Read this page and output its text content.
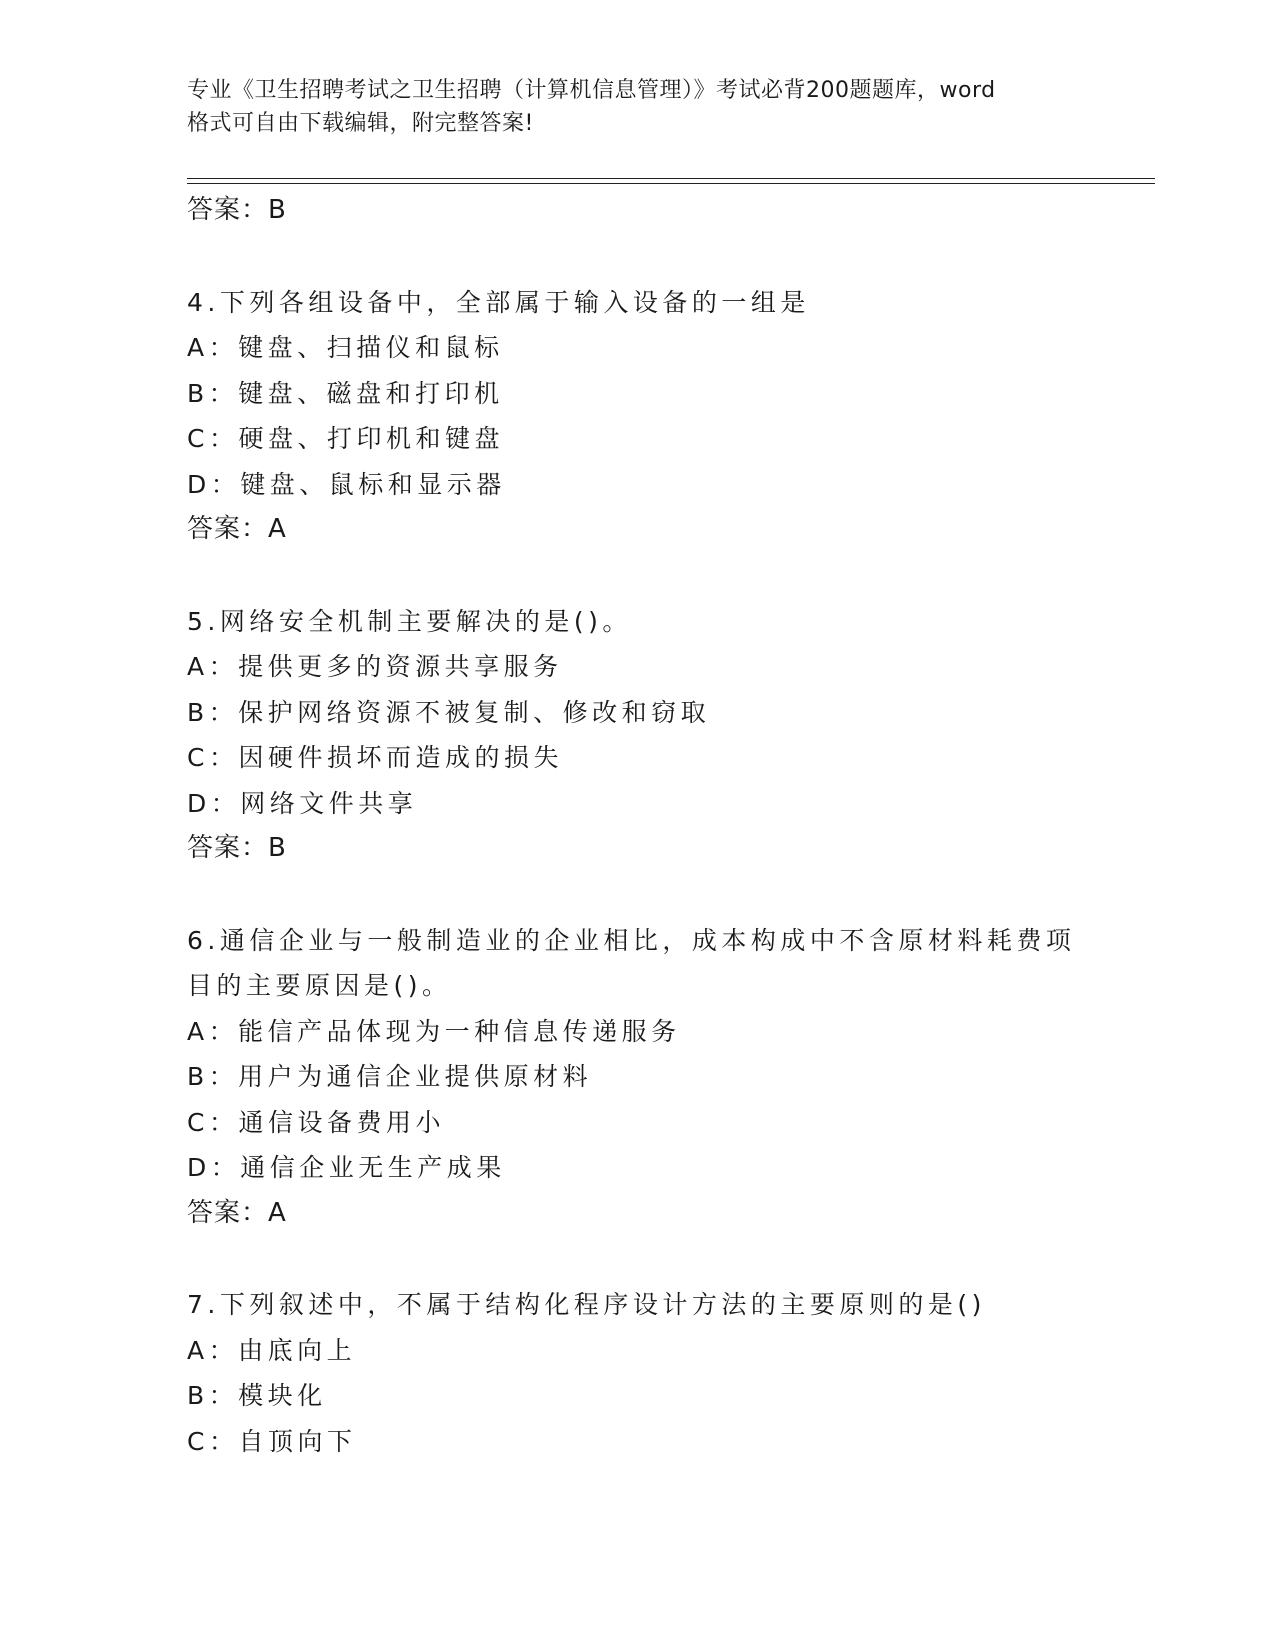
专业《卫生招聘考试之卫生招聘（计算机信息管理）》考试必背200题题库，word
格式可自由下载编辑，附完整答案!
答案：B
4.下列各组设备中，全部属于输入设备的一组是
A：键盘、扫描仪和鼠标
B：键盘、磁盘和打印机
C：硬盘、打印机和键盘
D：键盘、鼠标和显示器
答案：A
5.网络安全机制主要解决的是()。
A：提供更多的资源共享服务
B：保护网络资源不被复制、修改和窃取
C：因硬件损坏而造成的损失
D：网络文件共享
答案：B
6.通信企业与一般制造业的企业相比，成本构成中不含原材料耗费项
目的主要原因是()。
A：能信产品体现为一种信息传递服务
B：用户为通信企业提供原材料
C：通信设备费用小
D：通信企业无生产成果
答案：A
7.下列叙述中，不属于结构化程序设计方法的主要原则的是()
A：由底向上
B：模块化
C：自顶向下
